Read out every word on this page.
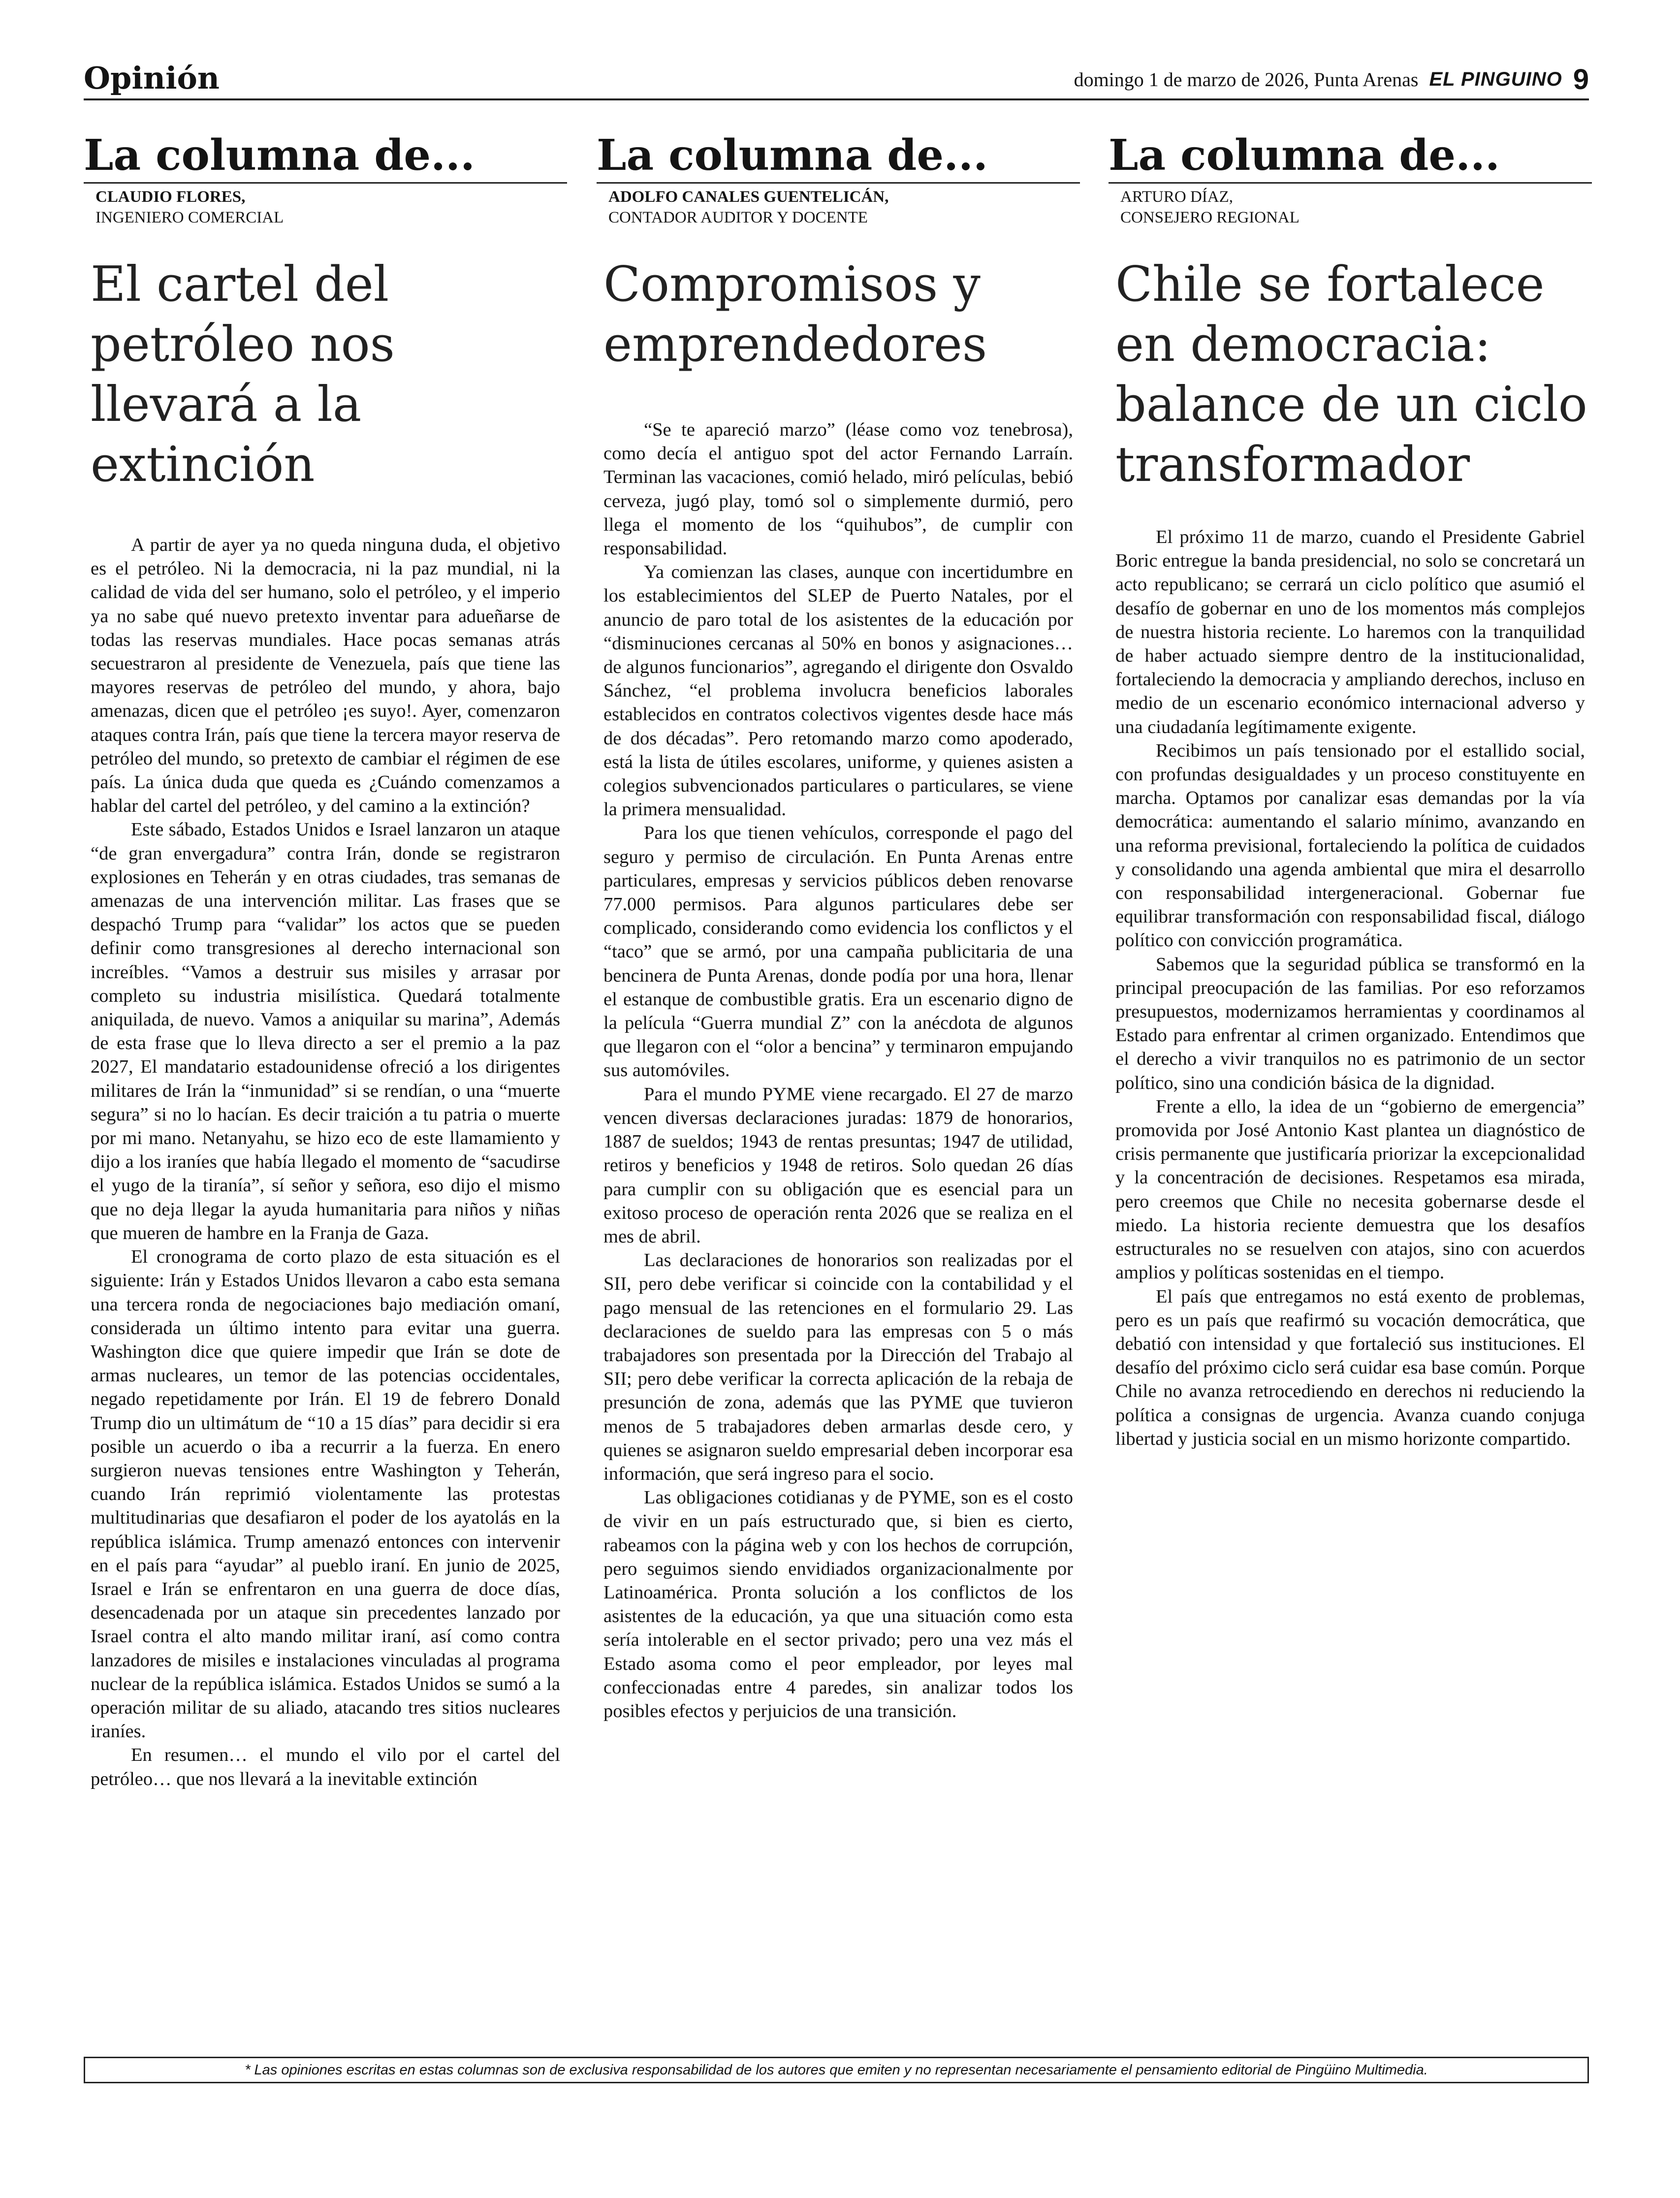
Opinión	domingo 1 de marzo de 2026, Punta Arenas EL PINGUINO 9
La columna de...
CLAUDIO FLORES,
INGENIERO COMERCIAL
El cartel del petróleo nos llevará a la extinción

A partir de ayer ya no queda ninguna duda, el objetivo es el petróleo. Ni la democracia, ni la paz mundial, ni la calidad de vida del ser humano, solo el petróleo, y el imperio ya no sabe qué nuevo pretexto inventar para adueñarse de todas las reservas mundiales. Hace pocas semanas atrás secuestraron al presidente de Venezuela, país que tiene las mayores reservas de petróleo del mundo, y ahora, bajo amenazas, dicen que el petróleo ¡es suyo!. Ayer, comenzaron ataques contra Irán, país que tiene la tercera mayor reserva de petróleo del mundo, so pretexto de cambiar el régimen de ese país. La única duda que queda es ¿Cuándo comenzamos a hablar del cartel del petróleo, y del camino a la extinción?

Este sábado, Estados Unidos e Israel lanzaron un ataque “de gran envergadura” contra Irán, donde se registraron explosiones en Teherán y en otras ciudades, tras semanas de amenazas de una intervención militar. Las frases que se despachó Trump para “validar” los actos que se pueden definir como transgresiones al derecho internacional son increíbles. “Vamos a destruir sus misiles y arrasar por completo su industria misilística. Quedará totalmente aniquilada, de nuevo. Vamos a aniquilar su marina”, Además de esta frase que lo lleva directo a ser el premio a la paz 2027, El mandatario estadounidense ofreció a los dirigentes militares de Irán la “inmunidad” si se rendían, o una “muerte segura” si no lo hacían. Es decir traición a tu patria o muerte por mi mano. Netanyahu, se hizo eco de este llamamiento y dijo a los iraníes que había llegado el momento de “sacudirse el yugo de la tiranía”, sí señor y señora, eso dijo el mismo que no deja llegar la ayuda humanitaria para niños y niñas que mueren de hambre en la Franja de Gaza.

El cronograma de corto plazo de esta situación es el siguiente: Irán y Estados Unidos llevaron a cabo esta semana una tercera ronda de negociaciones bajo mediación omaní, considerada un último intento para evitar una guerra. Washington dice que quiere impedir que Irán se dote de armas nucleares, un temor de las potencias occidentales, negado repetidamente por Irán. El 19 de febrero Donald Trump dio un ultimátum de “10 a 15 días” para decidir si era posible un acuerdo o iba a recurrir a la fuerza. En enero surgieron nuevas tensiones entre Washington y Teherán, cuando Irán reprimió violentamente las protestas multitudinarias que desafiaron el poder de los ayatolás en la república islámica. Trump amenazó entonces con intervenir en el país para “ayudar” al pueblo iraní. En junio de 2025, Israel e Irán se enfrentaron en una guerra de doce días, desencadenada por un ataque sin precedentes lanzado por Israel contra el alto mando militar iraní, así como contra lanzadores de misiles e instalaciones vinculadas al programa nuclear de la república islámica. Estados Unidos se sumó a la operación militar de su aliado, atacando tres sitios nucleares iraníes.

En resumen… el mundo el vilo por el cartel del petróleo… que nos llevará a la inevitable extinción

La columna de...
ADOLFO CANALES GUENTELICÁN,
CONTADOR AUDITOR Y DOCENTE
Compromisos y emprendedores

“Se te apareció marzo” (léase como voz tenebrosa), como decía el antiguo spot del actor Fernando Larraín. Terminan las vacaciones, comió helado, miró películas, bebió cerveza, jugó play, tomó sol o simplemente durmió, pero llega el momento de los “quihubos”, de cumplir con responsabilidad.

Ya comienzan las clases, aunque con incertidumbre en los establecimientos del SLEP de Puerto Natales, por el anuncio de paro total de los asistentes de la educación por “disminuciones cercanas al 50% en bonos y asignaciones… de algunos funcionarios”, agregando el dirigente don Osvaldo Sánchez, “el problema involucra beneficios laborales establecidos en contratos colectivos vigentes desde hace más de dos décadas”. Pero retomando marzo como apoderado, está la lista de útiles escolares, uniforme, y quienes asisten a colegios subvencionados particulares o particulares, se viene la primera mensualidad.

Para los que tienen vehículos, corresponde el pago del seguro y permiso de circulación. En Punta Arenas entre particulares, empresas y servicios públicos deben renovarse 77.000 permisos. Para algunos particulares debe ser complicado, considerando como evidencia los conflictos y el “taco” que se armó, por una campaña publicitaria de una bencinera de Punta Arenas, donde podía por una hora, llenar el estanque de combustible gratis. Era un escenario digno de la película “Guerra mundial Z” con la anécdota de algunos que llegaron con el “olor a bencina” y terminaron empujando sus automóviles.

Para el mundo PYME viene recargado. El 27 de marzo vencen diversas declaraciones juradas: 1879 de honorarios, 1887 de sueldos; 1943 de rentas presuntas; 1947 de utilidad, retiros y beneficios y 1948 de retiros. Solo quedan 26 días para cumplir con su obligación que es esencial para un exitoso proceso de operación renta 2026 que se realiza en el mes de abril.

Las declaraciones de honorarios son realizadas por el SII, pero debe verificar si coincide con la contabilidad y el pago mensual de las retenciones en el formulario 29. Las declaraciones de sueldo para las empresas con 5 o más trabajadores son presentada por la Dirección del Trabajo al SII; pero debe verificar la correcta aplicación de la rebaja de presunción de zona, además que las PYME que tuvieron menos de 5 trabajadores deben armarlas desde cero, y quienes se asignaron sueldo empresarial deben incorporar esa información, que será ingreso para el socio.

Las obligaciones cotidianas y de PYME, son es el costo de vivir en un país estructurado que, si bien es cierto, rabeamos con la página web y con los hechos de corrupción, pero seguimos siendo envidiados organizacionalmente por Latinoamérica. Pronta solución a los conflictos de los asistentes de la educación, ya que una situación como esta sería intolerable en el sector privado; pero una vez más el Estado asoma como el peor empleador, por leyes mal confeccionadas entre 4 paredes, sin analizar todos los posibles efectos y perjuicios de una transición.

La columna de...
ARTURO DÍAZ,
CONSEJERO REGIONAL
Chile se fortalece en democracia: balance de un ciclo transformador

El próximo 11 de marzo, cuando el Presidente Gabriel Boric entregue la banda presidencial, no solo se concretará un acto republicano; se cerrará un ciclo político que asumió el desafío de gobernar en uno de los momentos más complejos de nuestra historia reciente. Lo haremos con la tranquilidad de haber actuado siempre dentro de la institucionalidad, fortaleciendo la democracia y ampliando derechos, incluso en medio de un escenario económico internacional adverso y una ciudadanía legítimamente exigente.

Recibimos un país tensionado por el estallido social, con profundas desigualdades y un proceso constituyente en marcha. Optamos por canalizar esas demandas por la vía democrática: aumentando el salario mínimo, avanzando en una reforma previsional, fortaleciendo la política de cuidados y consolidando una agenda ambiental que mira el desarrollo con responsabilidad intergeneracional. Gobernar fue equilibrar transformación con responsabilidad fiscal, diálogo político con convicción programática.

Sabemos que la seguridad pública se transformó en la principal preocupación de las familias. Por eso reforzamos presupuestos, modernizamos herramientas y coordinamos al Estado para enfrentar al crimen organizado. Entendimos que el derecho a vivir tranquilos no es patrimonio de un sector político, sino una condición básica de la dignidad.

Frente a ello, la idea de un “gobierno de emergencia” promovida por José Antonio Kast plantea un diagnóstico de crisis permanente que justificaría priorizar la excepcionalidad y la concentración de decisiones. Respetamos esa mirada, pero creemos que Chile no necesita gobernarse desde el miedo. La historia reciente demuestra que los desafíos estructurales no se resuelven con atajos, sino con acuerdos amplios y políticas sostenidas en el tiempo.

El país que entregamos no está exento de problemas, pero es un país que reafirmó su vocación democrática, que debatió con intensidad y que fortaleció sus instituciones. El desafío del próximo ciclo será cuidar esa base común. Porque Chile no avanza retrocediendo en derechos ni reduciendo la política a consignas de urgencia. Avanza cuando conjuga libertad y justicia social en un mismo horizonte compartido.

* Las opiniones escritas en estas columnas son de exclusiva responsabilidad de los autores que emiten y no representan necesariamente el pensamiento editorial de Pingüino Multimedia.
